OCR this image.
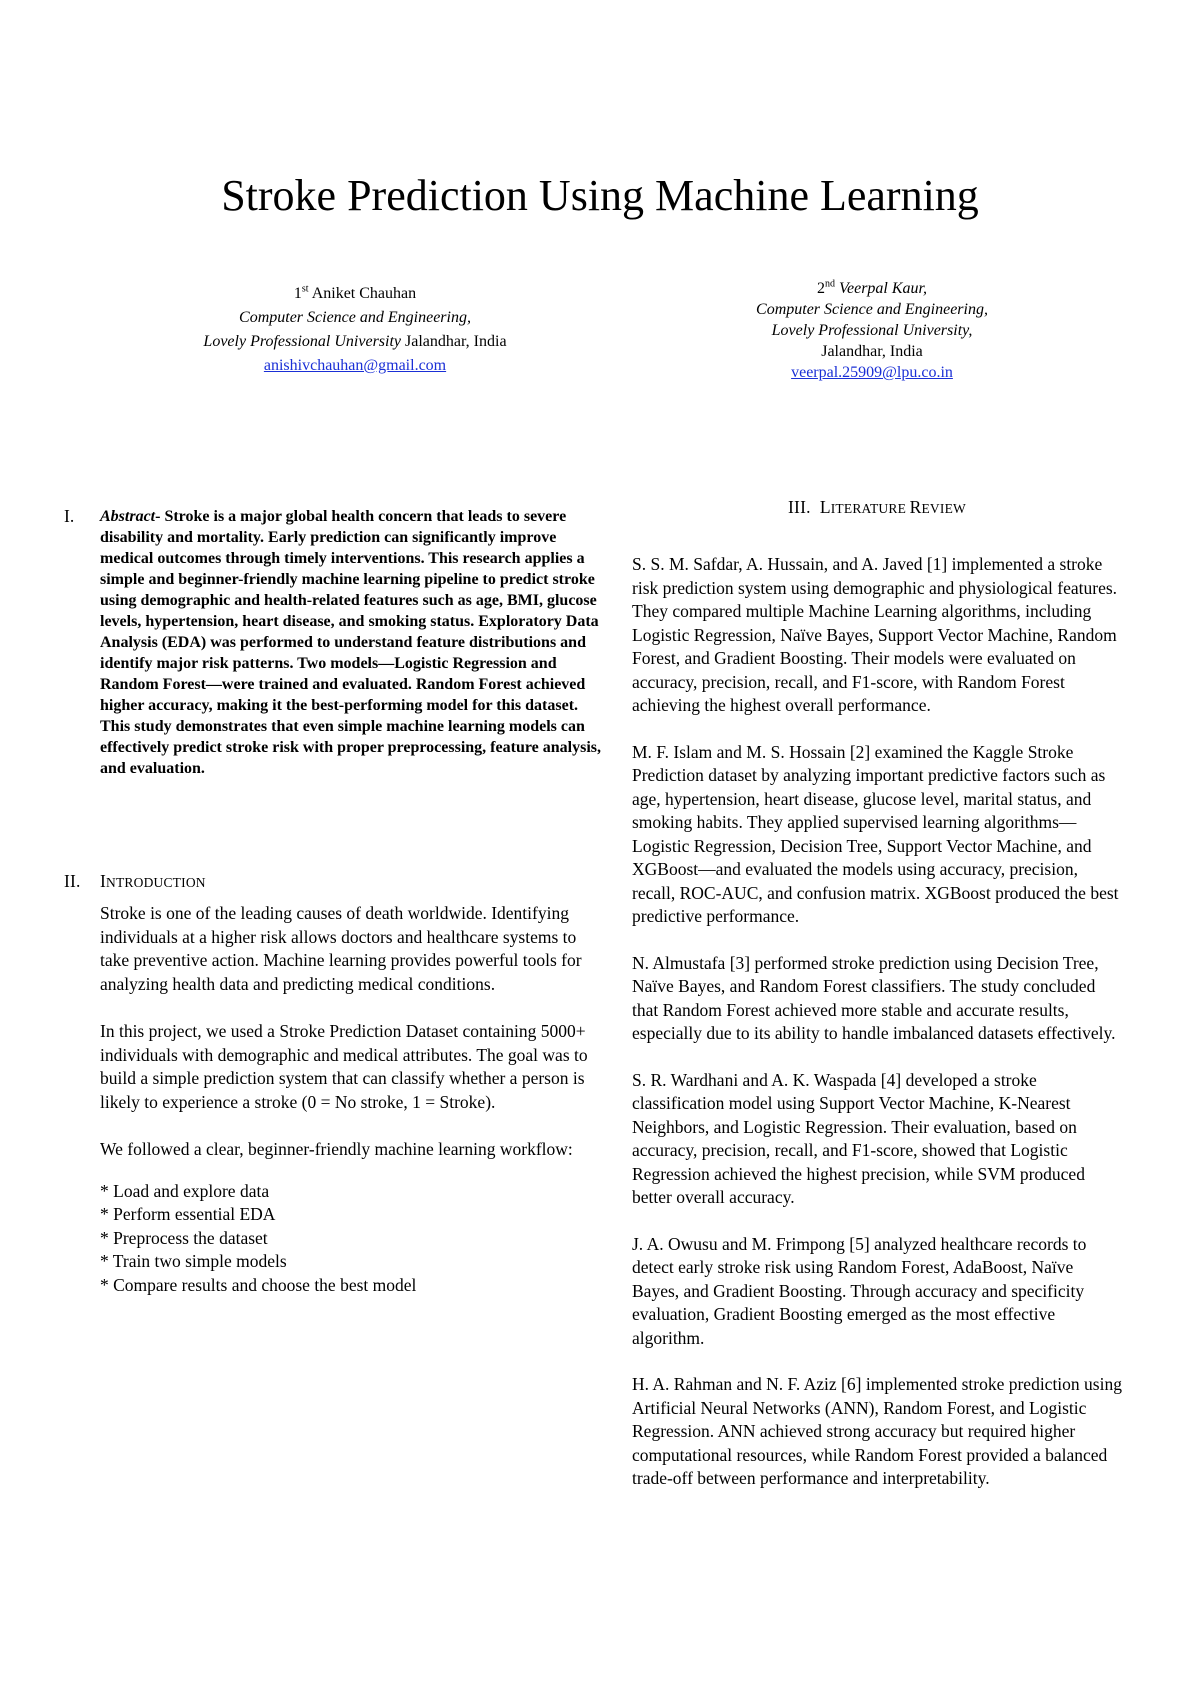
Stroke Prediction Using Machine Learning
1st Aniket Chauhan
Computer Science and Engineering,
Lovely Professional University Jalandhar, India
anishivchauhan@gmail.com
2nd Veerpal Kaur,
Computer Science and Engineering,
Lovely Professional University,
Jalandhar, India
veerpal.25909@lpu.co.in
I. Abstract- Stroke is a major global health concern that leads to severe disability and mortality. Early prediction can significantly improve medical outcomes through timely interventions. This research applies a simple and beginner-friendly machine learning pipeline to predict stroke using demographic and health-related features such as age, BMI, glucose levels, hypertension, heart disease, and smoking status. Exploratory Data Analysis (EDA) was performed to understand feature distributions and identify major risk patterns. Two models—Logistic Regression and Random Forest—were trained and evaluated. Random Forest achieved higher accuracy, making it the best-performing model for this dataset. This study demonstrates that even simple machine learning models can effectively predict stroke risk with proper preprocessing, feature analysis, and evaluation.
II. INTRODUCTION

Stroke is one of the leading causes of death worldwide. Identifying individuals at a higher risk allows doctors and healthcare systems to take preventive action. Machine learning provides powerful tools for analyzing health data and predicting medical conditions.

In this project, we used a Stroke Prediction Dataset containing 5000+ individuals with demographic and medical attributes. The goal was to build a simple prediction system that can classify whether a person is likely to experience a stroke (0 = No stroke, 1 = Stroke).

We followed a clear, beginner-friendly machine learning workflow:

* Load and explore data
* Perform essential EDA
* Preprocess the dataset
* Train two simple models
* Compare results and choose the best model
III. LITERATURE REVIEW

S. S. M. Safdar, A. Hussain, and A. Javed [1] implemented a stroke risk prediction system using demographic and physiological features. They compared multiple Machine Learning algorithms, including Logistic Regression, Naïve Bayes, Support Vector Machine, Random Forest, and Gradient Boosting. Their models were evaluated on accuracy, precision, recall, and F1-score, with Random Forest achieving the highest overall performance.

M. F. Islam and M. S. Hossain [2] examined the Kaggle Stroke Prediction dataset by analyzing important predictive factors such as age, hypertension, heart disease, glucose level, marital status, and smoking habits. They applied supervised learning algorithms—Logistic Regression, Decision Tree, Support Vector Machine, and XGBoost—and evaluated the models using accuracy, precision, recall, ROC-AUC, and confusion matrix. XGBoost produced the best predictive performance.

N. Almustafa [3] performed stroke prediction using Decision Tree, Naïve Bayes, and Random Forest classifiers. The study concluded that Random Forest achieved more stable and accurate results, especially due to its ability to handle imbalanced datasets effectively.

S. R. Wardhani and A. K. Waspada [4] developed a stroke classification model using Support Vector Machine, K-Nearest Neighbors, and Logistic Regression. Their evaluation, based on accuracy, precision, recall, and F1-score, showed that Logistic Regression achieved the highest precision, while SVM produced better overall accuracy.

J. A. Owusu and M. Frimpong [5] analyzed healthcare records to detect early stroke risk using Random Forest, AdaBoost, Naïve Bayes, and Gradient Boosting. Through accuracy and specificity evaluation, Gradient Boosting emerged as the most effective algorithm.

H. A. Rahman and N. F. Aziz [6] implemented stroke prediction using Artificial Neural Networks (ANN), Random Forest, and Logistic Regression. ANN achieved strong accuracy but required higher computational resources, while Random Forest provided a balanced trade-off between performance and interpretability.
